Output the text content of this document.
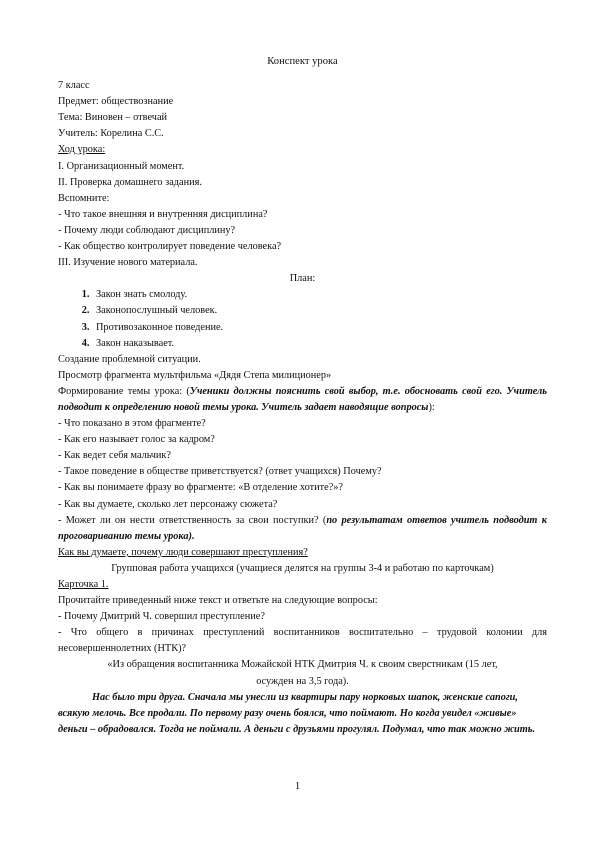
Конспект урока
7 класс
Предмет: обществознание
Тема: Виновен – отвечай
Учитель: Корелина С.С.
Ход урока:
I. Организационный момент.
II. Проверка домашнего задания.
Вспомните:
- Что такое внешняя и внутренняя дисциплина?
- Почему люди соблюдают дисциплину?
- Как общество контролирует поведение человека?
III. Изучение нового материала.
План:
1. Закон знать смолоду.
2. Законопослушный человек.
3. Противозаконное поведение.
4. Закон наказывает.
Создание проблемной ситуации.
Просмотр фрагмента мультфильма «Дядя Степа милиционер»
Формирование темы урока: (Ученики должны пояснить свой выбор, т.е. обосновать свой его. Учитель подводит к определению новой темы урока. Учитель задает наводящие вопросы):
- Что показано в этом фрагменте?
- Как его называет голос за кадром?
- Как ведет себя мальчик?
- Такое поведение в обществе приветствуется? (ответ учащихся) Почему?
- Как вы понимаете фразу во фрагменте: «В отделение хотите?»?
- Как вы думаете, сколько лет персонажу сюжета?
- Может ли он нести ответственность за свои поступки? (по результатам ответов учитель подводит к проговариванию темы урока).
Как вы думаете, почему люди совершают преступления?
Групповая работа учащихся (учащиеся делятся на группы 3-4 и работаю по карточкам)
Карточка 1.
Прочитайте приведенный ниже текст и ответьте на следующие вопросы:
- Почему Дмитрий Ч. совершил преступление?
- Что общего в причинах преступлений воспитанников воспитательно – трудовой колонии для несовершеннолетних (НТК)?
«Из обращения воспитанника Можайской НТК Дмитрия Ч. к своим сверстникам (15 лет,
осужден на 3,5 года).
Нас было три друга. Сначала мы унесли из квартиры пару норковых шапок, женские сапоги, всякую мелочь. Все продали. По первому разу очень боялся, что поймают. Но когда увидел «живые» деньги – обрадовался. Тогда не поймали. А деньги с друзьями прогулял. Подумал, что так можно жить.
1
